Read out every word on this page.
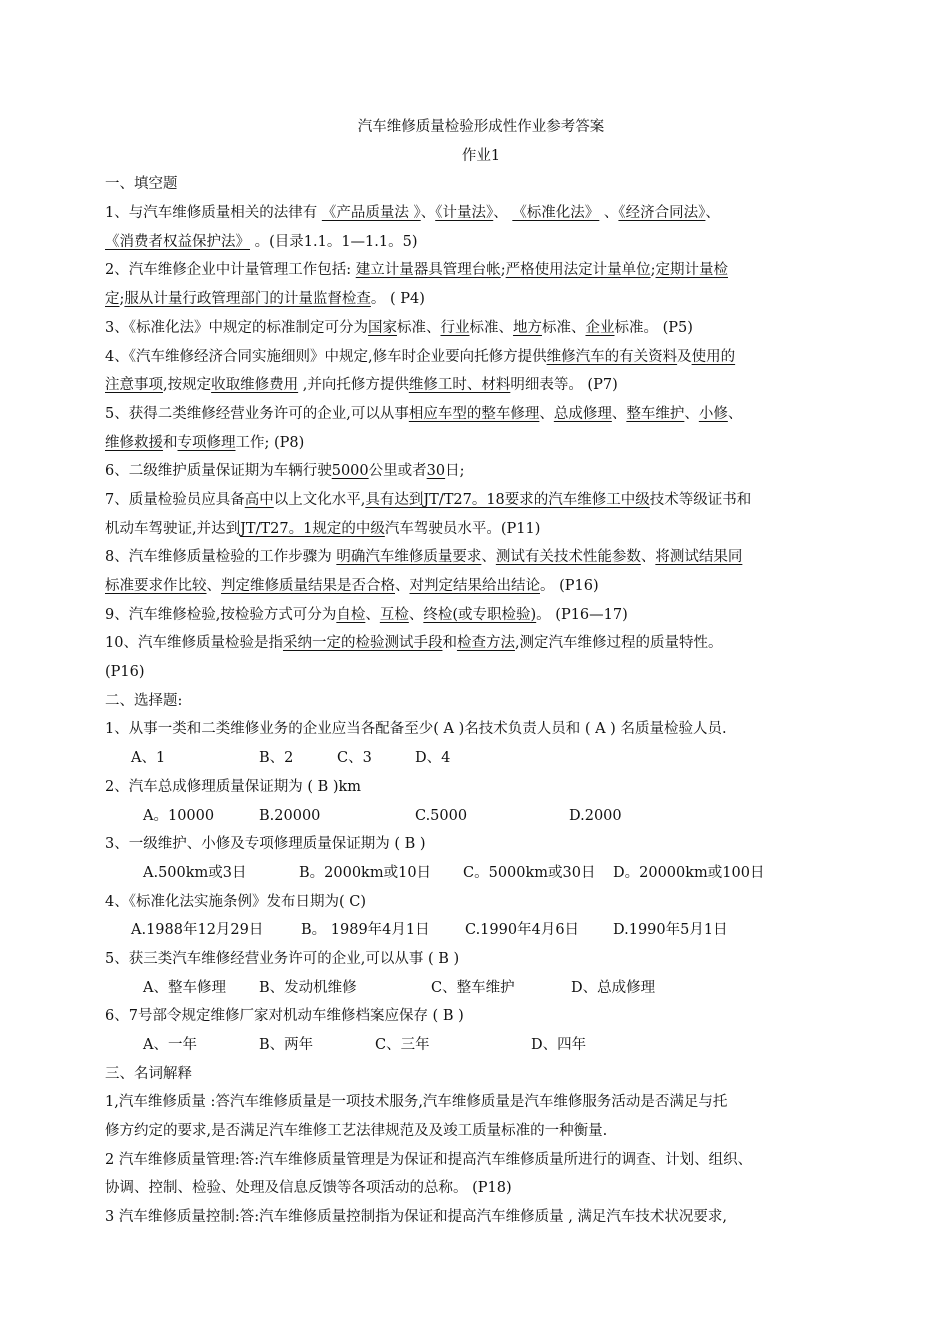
汽车维修质量检验形成性作业参考答案
作业1
一、填空题
1、与汽车维修质量相关的法律有 《产品质量法 》、《计量法》、 《标准化法》 、《经济合同法》、
《消费者权益保护法》 。(目录1.1。1—1.1。5)
2、汽车维修企业中计量管理工作包括: 建立计量器具管理台帐;严格使用法定计量单位;定期计量检
定;服从计量行政管理部门的计量监督检查。 ( P4)
3、《标准化法》中规定的标准制定可分为国家标准、行业标准、地方标准、企业标准。 (P5)
4、《汽车维修经济合同实施细则》中规定,修车时企业要向托修方提供维修汽车的有关资料及使用的
注意事项,按规定收取维修费用 ,并向托修方提供维修工时、材料明细表等。 (P7)
5、获得二类维修经营业务许可的企业,可以从事相应车型的整车修理、总成修理、整车维护、小修、
维修救援和专项修理工作; (P8)
6、二级维护质量保证期为车辆行驶5000公里或者30日;
7、质量检验员应具备高中以上文化水平,具有达到JT/T27。18要求的汽车维修工中级技术等级证书和
机动车驾驶证,并达到JT/T27。1规定的中级汽车驾驶员水平。(P11)
8、汽车维修质量检验的工作步骤为 明确汽车维修质量要求、测试有关技术性能参数、将测试结果同
标准要求作比较、判定维修质量结果是否合格、对判定结果给出结论。 (P16)
9、汽车维修检验,按检验方式可分为自检、互检、终检(或专职检验)。 (P16—17)
10、汽车维修质量检验是指采纳一定的检验测试手段和检查方法,测定汽车维修过程的质量特性。
(P16)
二、选择题:
1、从事一类和二类维修业务的企业应当各配备至少( A )名技术负责人员和 ( A ) 名质量检验人员.
A、1	B、2	C、3	D、4
2、汽车总成修理质量保证期为 ( B )km
A。10000	B.20000	C.5000	D.2000
3、一级维护、小修及专项修理质量保证期为 ( B )
A.500km或3日	B。2000km或10日 C。5000km或30日 D。20000km或100日
4、《标准化法实施条例》发布日期为( C)
A.1988年12月29日	B。 1989年4月1日 C.1990年4月6日 D.1990年5月1日
5、获三类汽车维修经营业务许可的企业,可以从事 ( B )
A、整车修理 B、发动机维修	C、整车维护	D、总成修理
6、7号部令规定维修厂家对机动车维修档案应保存 ( B )
A、一年	B、两年	C、三年	D、四年
三、名词解释
1,汽车维修质量 :答汽车维修质量是一项技术服务,汽车维修质量是汽车维修服务活动是否满足与托
修方约定的要求,是否满足汽车维修工艺法律规范及及竣工质量标准的一种衡量.
2 汽车维修质量管理:答:汽车维修质量管理是为保证和提高汽车维修质量所进行的调查、计划、组织、
协调、控制、检验、处理及信息反馈等各项活动的总称。 (P18)
3 汽车维修质量控制:答:汽车维修质量控制指为保证和提高汽车维修质量 , 满足汽车技术状况要求,
